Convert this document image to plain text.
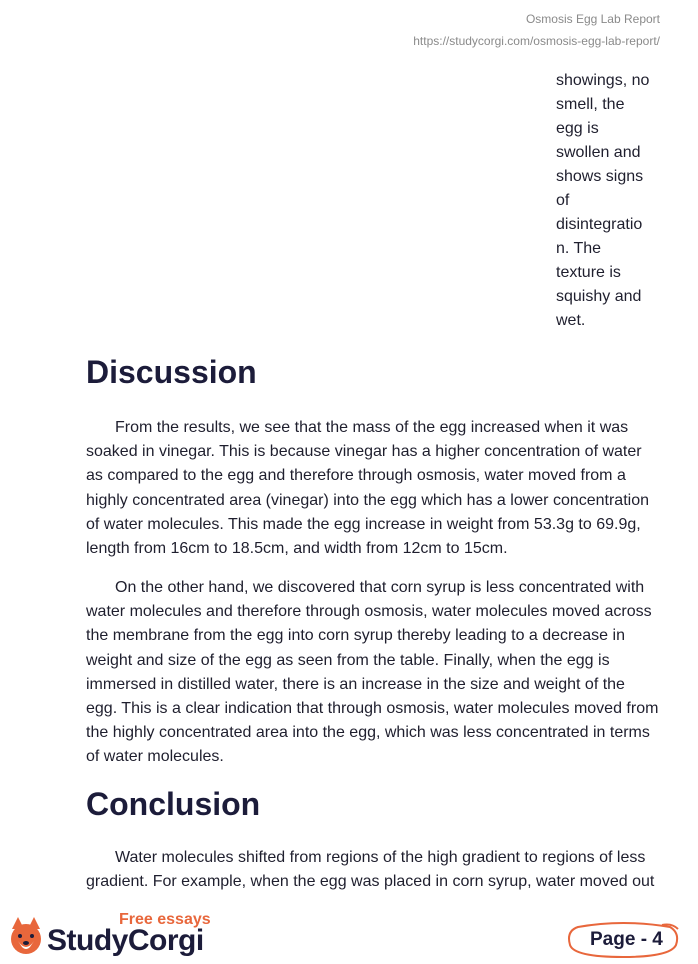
Osmosis Egg Lab Report
https://studycorgi.com/osmosis-egg-lab-report/
showings, no
smell, the
egg is
swollen and
shows signs
of
disintegratio
n. The
texture is
squishy and
wet.
Discussion
From the results, we see that the mass of the egg increased when it was
soaked in vinegar. This is because vinegar has a higher concentration of water
as compared to the egg and therefore through osmosis, water moved from a
highly concentrated area (vinegar) into the egg which has a lower concentration
of water molecules. This made the egg increase in weight from 53.3g to 69.9g,
length from 16cm to 18.5cm, and width from 12cm to 15cm.
On the other hand, we discovered that corn syrup is less concentrated with
water molecules and therefore through osmosis, water molecules moved across
the membrane from the egg into corn syrup thereby leading to a decrease in
weight and size of the egg as seen from the table. Finally, when the egg is
immersed in distilled water, there is an increase in the size and weight of the
egg. This is a clear indication that through osmosis, water molecules moved from
the highly concentrated area into the egg, which was less concentrated in terms
of water molecules.
Conclusion
Water molecules shifted from regions of the high gradient to regions of less
gradient. For example, when the egg was placed in corn syrup, water moved out
Free essays
StudyCorgi	Page - 4
